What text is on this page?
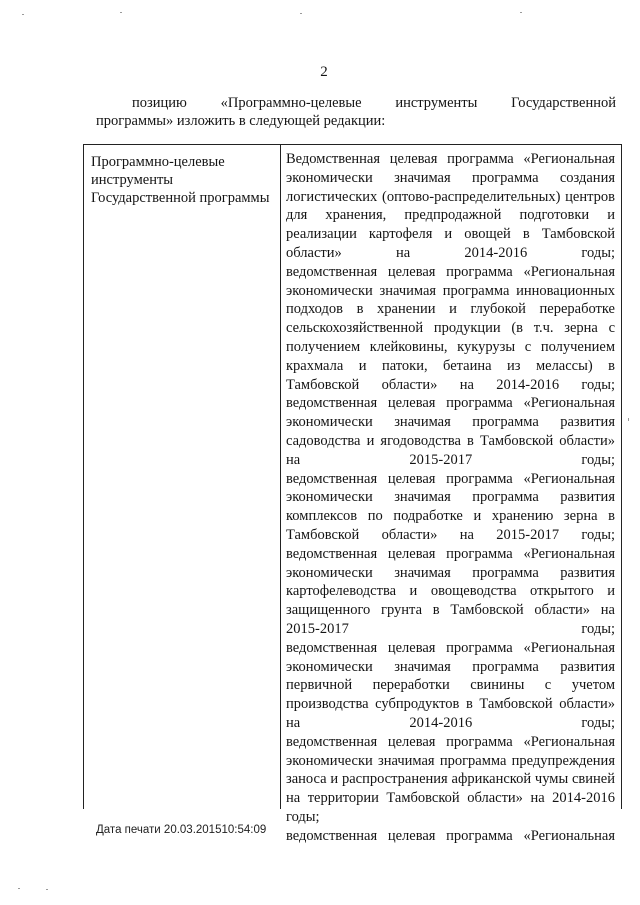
2
позицию «Программно-целевые инструменты Государственной
программы» изложить в следующей редакции:
Программно-целевые инструменты Государственной программы
Ведомственная целевая программа «Региональная экономически значимая программа создания логистических (оптово-распределительных) центров для хранения, предпродажной подготовки и реализации картофеля и овощей в Тамбовской области» на 2014-2016 годы;
ведомственная целевая программа «Региональная экономически значимая программа инновационных подходов в хранении и глубокой переработке сельскохозяйственной продукции (в т.ч. зерна с получением клейковины, кукурузы с получением крахмала и патоки, бетаина из мелассы) в Тамбовской области» на 2014-2016 годы;
ведомственная целевая программа «Региональная экономически значимая программа развития садоводства и ягодоводства в Тамбовской области» на 2015-2017 годы;
ведомственная целевая программа «Региональная экономически значимая программа развития комплексов по подработке и хранению зерна в Тамбовской области» на 2015-2017 годы;
ведомственная целевая программа «Региональная экономически значимая программа развития картофелеводства и овощеводства открытого и защищенного грунта в Тамбовской области» на 2015-2017 годы;
ведомственная целевая программа «Региональная экономически значимая программа развития первичной переработки свинины с учетом производства субпродуктов в Тамбовской области» на 2014-2016 годы;
ведомственная целевая программа «Региональная экономически значимая программа предупреждения заноса и распространения африканской чумы свиней на территории Тамбовской области» на 2014-2016 годы;
ведомственная целевая программа «Региональная
Дата печати 20.03.201510:54:09
